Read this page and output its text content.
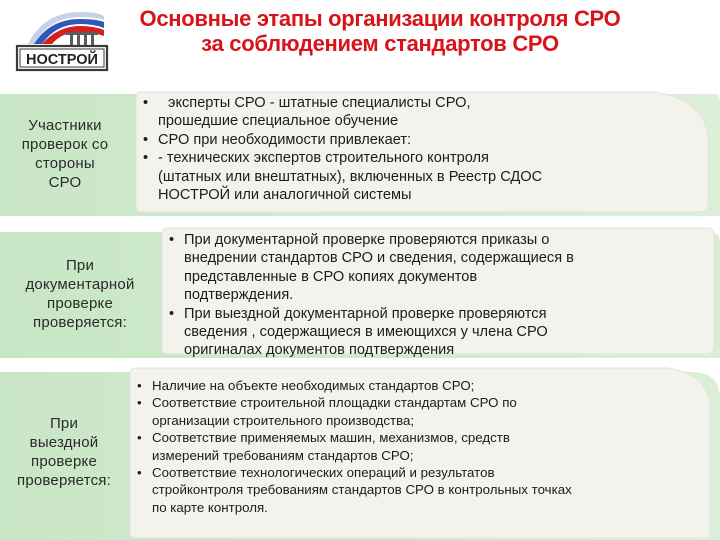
НОСТРОЙ
Основные этапы организации контроля СРО
за соблюдением стандартов СРО
Участники
проверок со
стороны
СРО
• эксперты СРО - штатные специалисты СРО,
прошедшие специальное обучение
• СРО при необходимости привлекает:
• - технических экспертов строительного контроля
(штатных или внештатных), включенных в Реестр СДОС
НОСТРОЙ или аналогичной системы
При
документарной
проверке
проверяется:
• При документарной проверке проверяются приказы о
внедрении стандартов СРО и сведения, содержащиеся в
представленные в СРО копиях документов
подтверждения.
• При выездной документарной проверке проверяются
сведения , содержащиеся в имеющихся у члена СРО
оригиналах документов подтверждения
При
выездной
проверке
проверяется:
• Наличие на объекте необходимых стандартов СРО;
• Соответствие строительной площадки стандартам СРО по
организации строительного производства;
• Соответствие применяемых машин, механизмов, средств
измерений требованиям стандартов СРО;
• Соответствие технологических операций и результатов
стройконтроля требованиям стандартов СРО в контрольных точках
по карте контроля.
